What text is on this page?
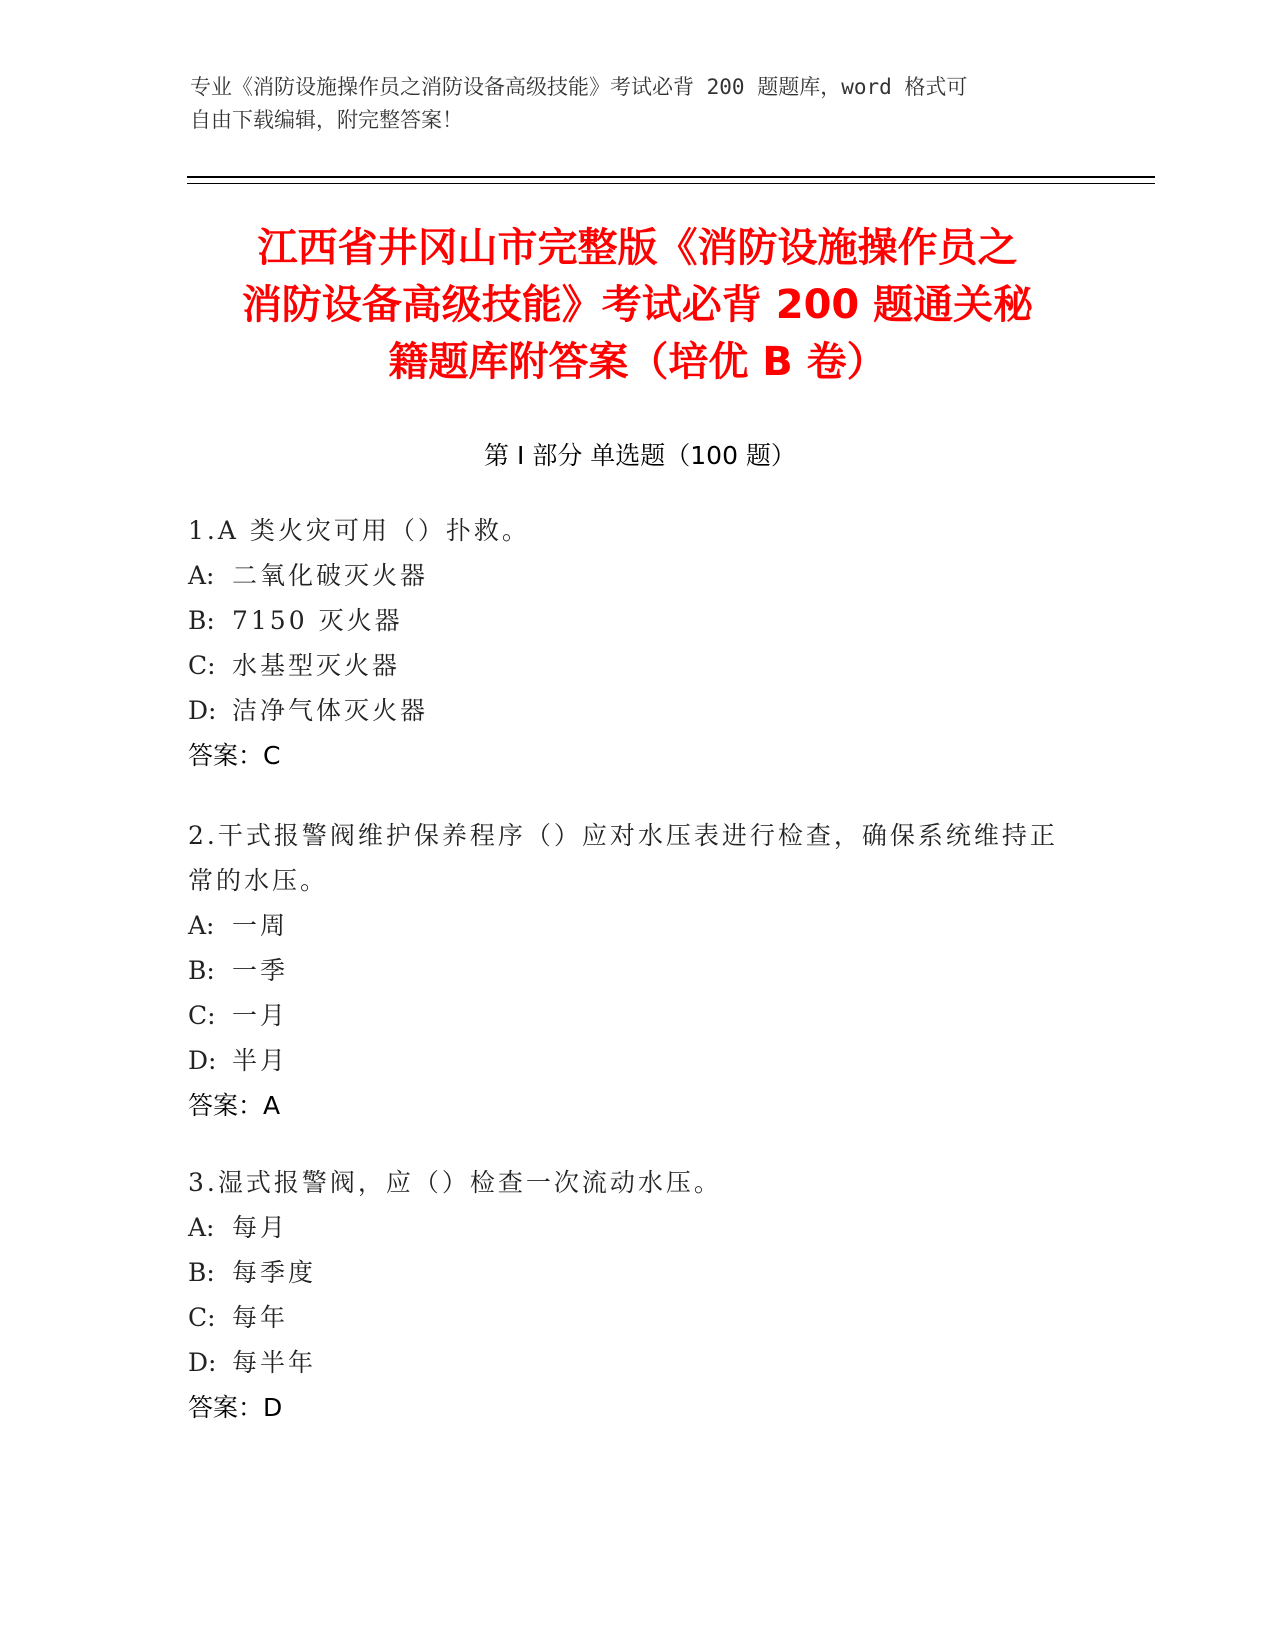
专业《消防设施操作员之消防设备高级技能》考试必背 200 题题库，word 格式可
自由下载编辑，附完整答案！
江西省井冈山市完整版《消防设施操作员之
消防设备高级技能》考试必背 200 题通关秘
籍题库附答案（培优 B 卷）
第 I 部分 单选题（100 题）
1.A 类火灾可用（）扑救。
A: 二氧化破灭火器
B: 7150 灭火器
C: 水基型灭火器
D: 洁净气体灭火器
答案：C
2.干式报警阀维护保养程序（）应对水压表进行检查，确保系统维持正常的水压。
A: 一周
B: 一季
C: 一月
D: 半月
答案：A
3.湿式报警阀，应（）检查一次流动水压。
A: 每月
B: 每季度
C: 每年
D: 每半年
答案：D
